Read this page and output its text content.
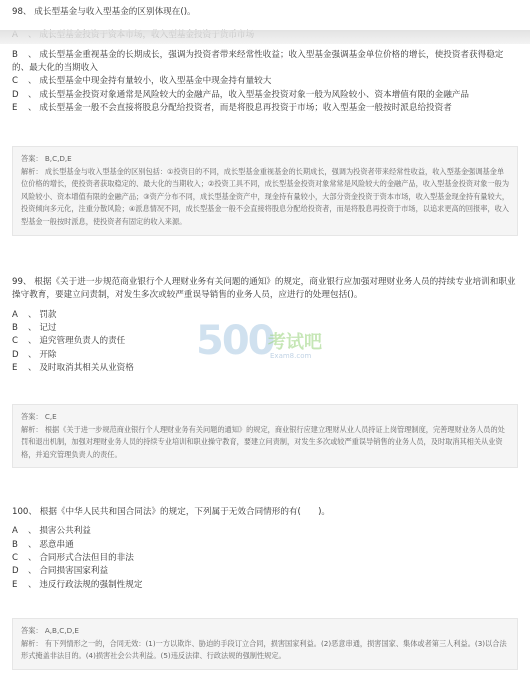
98、 成长型基金与收入型基金的区别体现在()。

B 、 成长型基金重视基金的长期成长，强调为投资者带来经常性收益；收入型基金强调基金单位价格的增长，使投资者获得稳定的、最大化的当期收入

C 、 成长型基金中现金持有量较小，收入型基金中现金持有量较大

D 、 成长型基金投资对象通常是风险较大的金融产品，收入型基金投资对象一般为风险较小、资本增值有限的金融产品

E 、 成长型基金一般不会直接将股息分配给投资者，而是将股息再投资于市场；收入型基金一般按时派息给投资者

答案： B,C,D,E

解析： 成长型基金与收入型基金的区别包括：①投资目的不同，成长型基金重视基金的长期成长，强调为投资者带来经常性收益，收入型基金强调基金单位价格的增长，使投资者获取稳定的、最大化的当期收入；②投资工具不同，成长型基金投资对象常常是风险较大的金融产品，收入型基金投资对象一般为风险较小、资本增值有限的金融产品；③资产分布不同，成长型基金资产中，现金持有量较小，大部分资金投资于资本市场，收入型基金现金持有量较大，投资倾向多元化，注重分散风险；④派息情况不同，成长型基金一般不会直接将股息分配给投资者，而是将股息再投资于市场，以追求更高的回报率，收入型基金一般按时派息，使投资者有固定的收入来源。

99、 根据《关于进一步规范商业银行个人理财业务有关问题的通知》的规定，商业银行应加强对理财业务人员的持续专业培训和职业操守教育，要建立问责制，对发生多次或较严重误导销售的业务人员，应进行的处理包括()。

A 、 罚款

B 、 记过

C 、 追究管理负责人的责任

D 、 开除

E 、 及时取消其相关从业资格

500
考试吧
Exam8.com

答案： C,E

解析： 根据《关于进一步规范商业银行个人理财业务有关问题的通知》的规定，商业银行应建立理财从业人员持证上岗管理制度，完善理财业务人员的处罚和退出机制，加强对理财业务人员的持续专业培训和职业操守教育，要建立问责制，对发生多次或较严重误导销售的业务人员，及时取消其相关从业资格，并追究管理负责人的责任。

100、 根据《中华人民共和国合同法》的规定，下列属于无效合同情形的有(　　)。

A 、 损害公共利益

B 、 恶意串通

C 、 合同形式合法但目的非法

D 、 合同损害国家利益

E 、 违反行政法规的强制性规定

答案： A,B,C,D,E

解析： 有下列情形之一的，合同无效：(1)一方以欺诈、胁迫的手段订立合同，损害国家利益。(2)恶意串通，损害国家、集体或者第三人利益。(3)以合法形式掩盖非法目的。(4)损害社会公共利益。(5)违反法律、行政法规的强制性规定。
